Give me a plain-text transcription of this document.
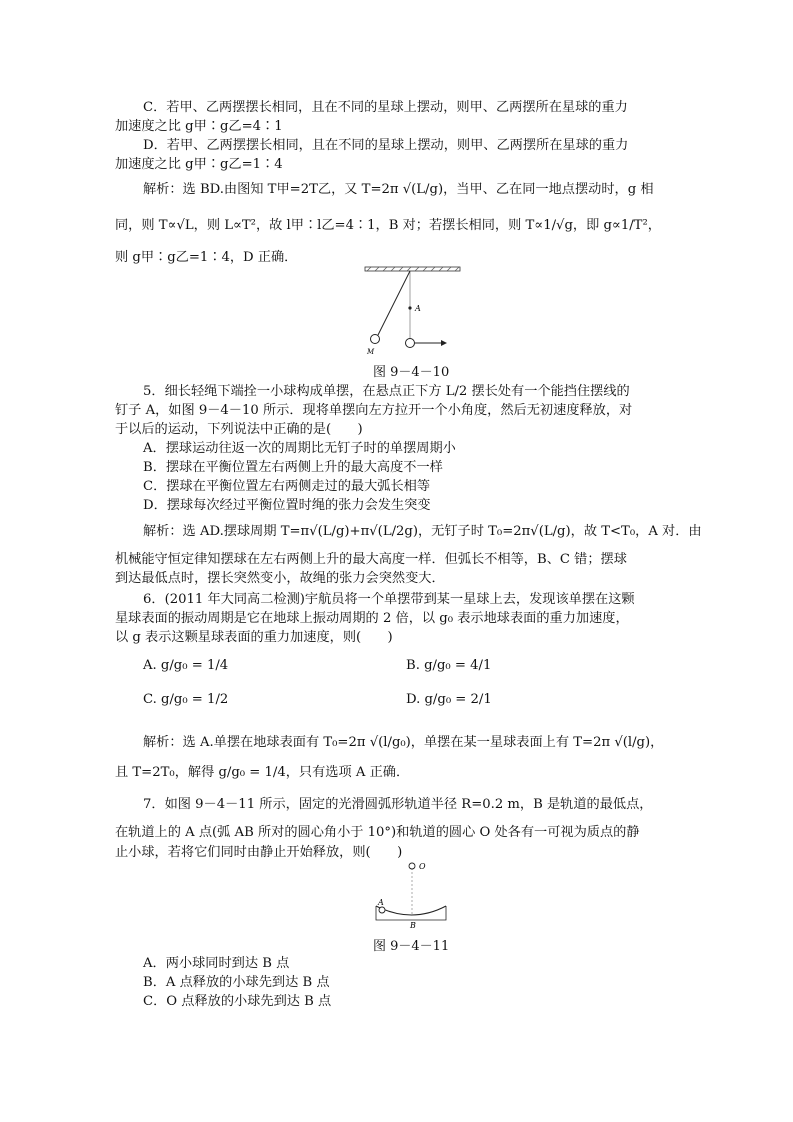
C．若甲、乙两摆摆长相同，且在不同的星球上摆动，则甲、乙两摆所在星球的重力
加速度之比 g甲∶g乙=4∶1
D．若甲、乙两摆摆长相同，且在不同的星球上摆动，则甲、乙两摆所在星球的重力
加速度之比 g甲∶g乙=1∶4
解析：选 BD.由图知 T甲=2T乙，又 T=2π √(L/g)，当甲、乙在同一地点摆动时，g 相
同，则 T∝√L，则 L∝T²，故 l甲∶l乙=4∶1，B 对；若摆长相同，则 T∝1/√g，即 g∝1/T²，
则 g甲∶g乙=1∶4，D 正确．
A
M
图 9－4－10
5．细长轻绳下端拴一小球构成单摆，在悬点正下方 L/2 摆长处有一个能挡住摆线的
钉子 A，如图 9－4－10 所示．现将单摆向左方拉开一个小角度，然后无初速度释放，对
于以后的运动，下列说法中正确的是(　　)
A．摆球运动往返一次的周期比无钉子时的单摆周期小
B．摆球在平衡位置左右两侧上升的最大高度不一样
C．摆球在平衡位置左右两侧走过的最大弧长相等
D．摆球每次经过平衡位置时绳的张力会发生突变
解析：选 AD.摆球周期 T=π√(L/g)+π√(L/2g)，无钉子时 T₀=2π√(L/g)，故 T<T₀，A 对．由
机械能守恒定律知摆球在左右两侧上升的最大高度一样．但弧长不相等，B、C 错；摆球
到达最低点时，摆长突然变小，故绳的张力会突然变大．
6．(2011 年大同高二检测)宇航员将一个单摆带到某一星球上去，发现该单摆在这颗
星球表面的振动周期是它在地球上振动周期的 2 倍，以 g₀ 表示地球表面的重力加速度，
以 g 表示这颗星球表面的重力加速度，则(　　)
A. g/g₀ = 1/4	B. g/g₀ = 4/1
C. g/g₀ = 1/2	D. g/g₀ = 2/1
解析：选 A.单摆在地球表面有 T₀=2π √(l/g₀)，单摆在某一星球表面上有 T=2π √(l/g)，
且 T=2T₀，解得 g/g₀ = 1/4，只有选项 A 正确．
7．如图 9－4－11 所示，固定的光滑圆弧形轨道半径 R=0.2 m，B 是轨道的最低点，
在轨道上的 A 点(弧 AB 所对的圆心角小于 10°)和轨道的圆心 O 处各有一可视为质点的静
止小球，若将它们同时由静止开始释放，则(　　)
O
A
B
图 9－4－11
A．两小球同时到达 B 点
B．A 点释放的小球先到达 B 点
C．O 点释放的小球先到达 B 点
